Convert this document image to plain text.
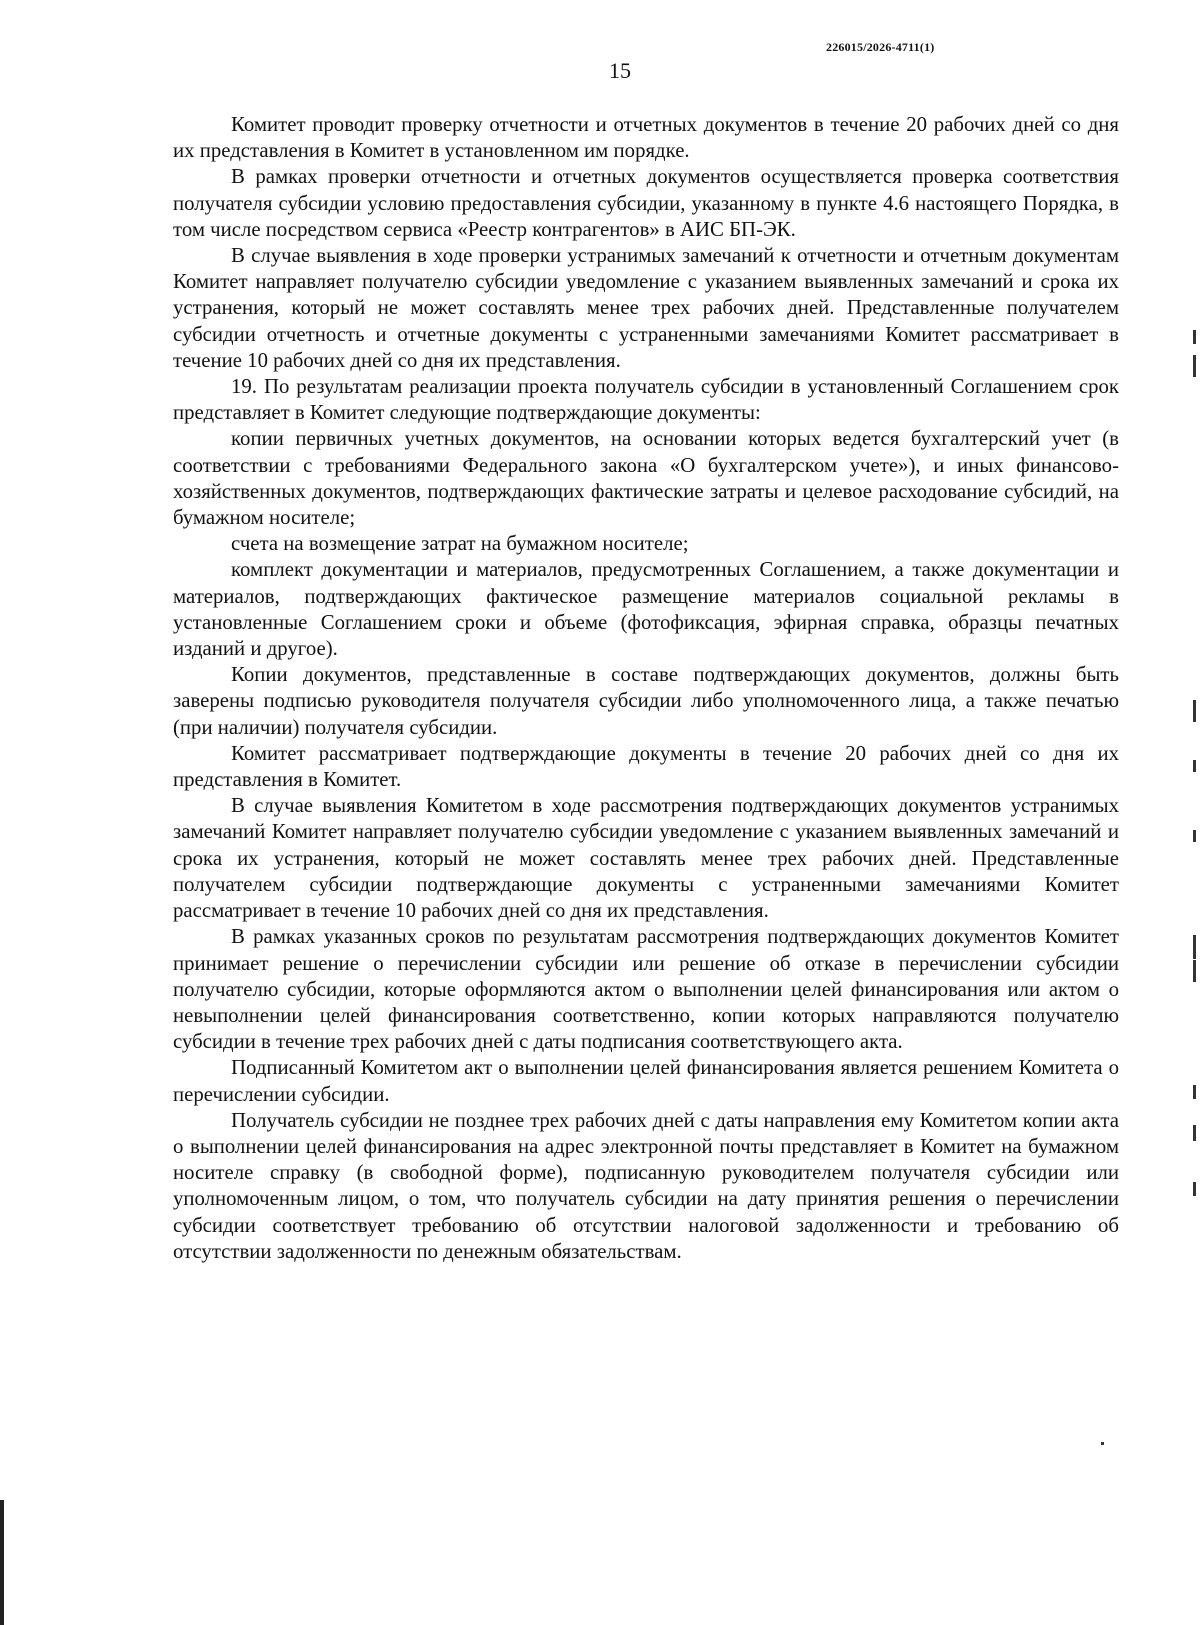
226015/2026-4711(1)
15

Комитет проводит проверку отчетности и отчетных документов в течение 20 рабочих дней со дня их представления в Комитет в установленном им порядке.

В рамках проверки отчетности и отчетных документов осуществляется проверка соответствия получателя субсидии условию предоставления субсидии, указанному в пункте 4.6 настоящего Порядка, в том числе посредством сервиса «Реестр контрагентов» в АИС БП-ЭК.

В случае выявления в ходе проверки устранимых замечаний к отчетности и отчетным документам Комитет направляет получателю субсидии уведомление с указанием выявленных замечаний и срока их устранения, который не может составлять менее трех рабочих дней. Представленные получателем субсидии отчетность и отчетные документы с устраненными замечаниями Комитет рассматривает в течение 10 рабочих дней со дня их представления.

19. По результатам реализации проекта получатель субсидии в установленный Соглашением срок представляет в Комитет следующие подтверждающие документы:

копии первичных учетных документов, на основании которых ведется бухгалтерский учет (в соответствии с требованиями Федерального закона «О бухгалтерском учете»), и иных финансово-хозяйственных документов, подтверждающих фактические затраты и целевое расходование субсидий, на бумажном носителе;

счета на возмещение затрат на бумажном носителе;

комплект документации и материалов, предусмотренных Соглашением, а также документации и материалов, подтверждающих фактическое размещение материалов социальной рекламы в установленные Соглашением сроки и объеме (фотофиксация, эфирная справка, образцы печатных изданий и другое).

Копии документов, представленные в составе подтверждающих документов, должны быть заверены подписью руководителя получателя субсидии либо уполномоченного лица, а также печатью (при наличии) получателя субсидии.

Комитет рассматривает подтверждающие документы в течение 20 рабочих дней со дня их представления в Комитет.

В случае выявления Комитетом в ходе рассмотрения подтверждающих документов устранимых замечаний Комитет направляет получателю субсидии уведомление с указанием выявленных замечаний и срока их устранения, который не может составлять менее трех рабочих дней. Представленные получателем субсидии подтверждающие документы с устраненными замечаниями Комитет рассматривает в течение 10 рабочих дней со дня их представления.

В рамках указанных сроков по результатам рассмотрения подтверждающих документов Комитет принимает решение о перечислении субсидии или решение об отказе в перечислении субсидии получателю субсидии, которые оформляются актом о выполнении целей финансирования или актом о невыполнении целей финансирования соответственно, копии которых направляются получателю субсидии в течение трех рабочих дней с даты подписания соответствующего акта.

Подписанный Комитетом акт о выполнении целей финансирования является решением Комитета о перечислении субсидии.

Получатель субсидии не позднее трех рабочих дней с даты направления ему Комитетом копии акта о выполнении целей финансирования на адрес электронной почты представляет в Комитет на бумажном носителе справку (в свободной форме), подписанную руководителем получателя субсидии или уполномоченным лицом, о том, что получатель субсидии на дату принятия решения о перечислении субсидии соответствует требованию об отсутствии налоговой задолженности и требованию об отсутствии задолженности по денежным обязательствам.
